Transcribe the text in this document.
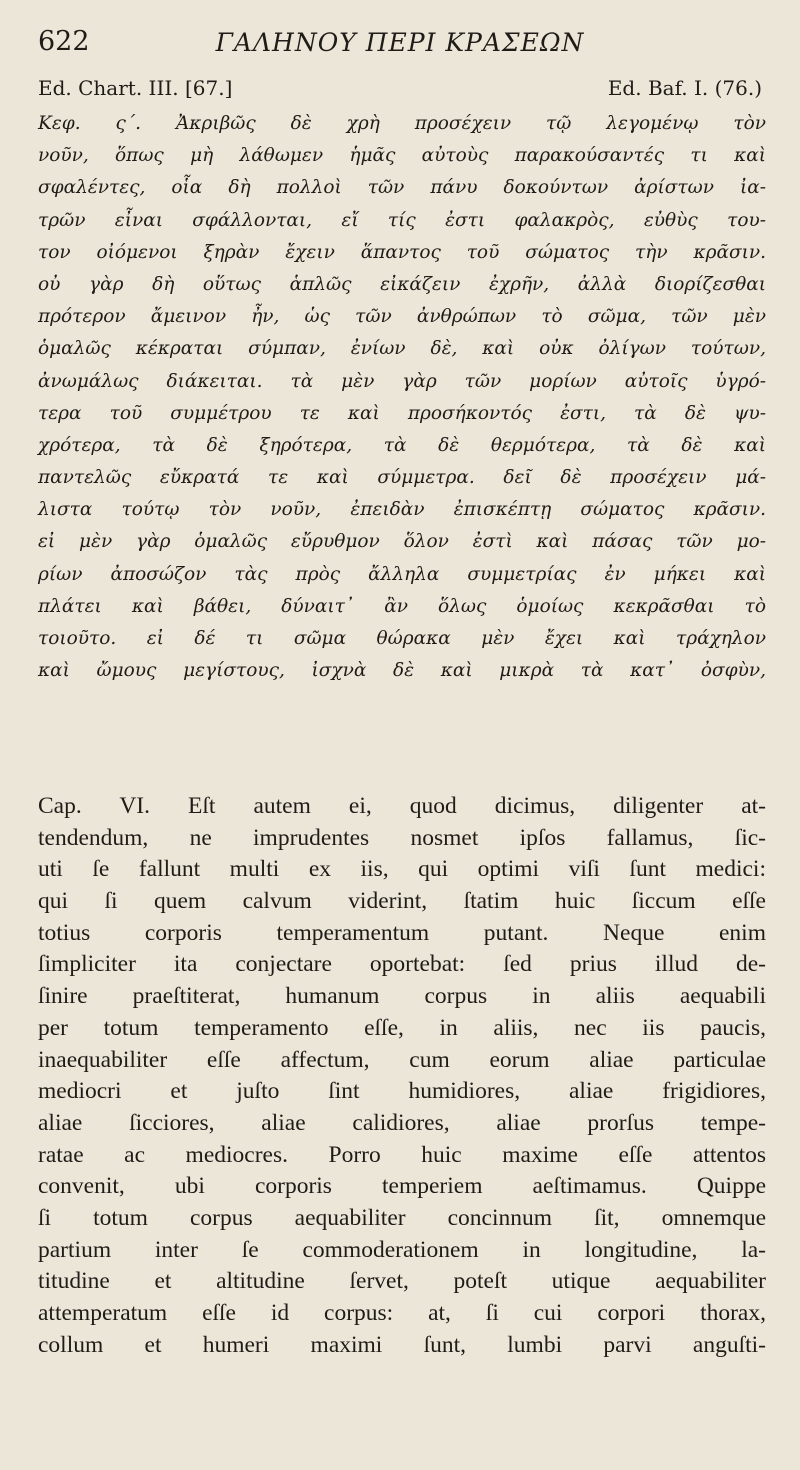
622	ΓΑΛΗΝΟΥ ΠΕΡΙ ΚΡΑΣΕΩΝ
Ed. Chart. III. [67.]	Ed. Baf. I. (76.)
Κεφ. ς΄. Ἀκριβῶς δὲ χρὴ προσέχειν τῷ λεγομένῳ τὸν
νοῦν, ὅπως μὴ λάθωμεν ἡμᾶς αὐτοὺς παρακούσαντές τι καὶ
σφαλέντες, οἷα δὴ πολλοὶ τῶν πάνυ δοκούντων ἀρίστων ἰα-
τρῶν εἶναι σφάλλονται, εἴ τίς ἐστι φαλακρὸς, εὐθὺς του-
τον οἰόμενοι ξηρὰν ἔχειν ἅπαντος τοῦ σώματος τὴν κρᾶσιν.
οὐ γὰρ δὴ οὕτως ἁπλῶς εἰκάζειν ἐχρῆν, ἀλλὰ διορίζεσθαι
πρότερον ἄμεινον ἦν, ὡς τῶν ἀνθρώπων τὸ σῶμα, τῶν μὲν
ὁμαλῶς κέκραται σύμπαν, ἐνίων δὲ, καὶ οὐκ ὀλίγων τούτων,
ἀνωμάλως διάκειται. τὰ μὲν γὰρ τῶν μορίων αὐτοῖς ὑγρό-
τερα τοῦ συμμέτρου τε καὶ προσήκοντός ἐστι, τὰ δὲ ψυ-
χρότερα, τὰ δὲ ξηρότερα, τὰ δὲ θερμότερα, τὰ δὲ καὶ
παντελῶς εὔκρατά τε καὶ σύμμετρα. δεῖ δὲ προσέχειν μά-
λιστα τούτῳ τὸν νοῦν, ἐπειδὰν ἐπισκέπτῃ σώματος κρᾶσιν.
εἰ μὲν γὰρ ὁμαλῶς εὔρυθμον ὅλον ἐστὶ καὶ πάσας τῶν μο-
ρίων ἀποσώζον τὰς πρὸς ἄλληλα συμμετρίας ἐν μήκει καὶ
πλάτει καὶ βάθει, δύναιτ᾽ ἂν ὅλως ὁμοίως κεκρᾶσθαι τὸ
τοιοῦτο. εἰ δέ τι σῶμα θώρακα μὲν ἔχει καὶ τράχηλον
καὶ ὤμους μεγίστους, ἰσχνὰ δὲ καὶ μικρὰ τὰ κατ᾽ ὀσφὺν,
Cap. VI. Eſt autem ei, quod dicimus, diligenter at-
tendendum, ne imprudentes nosmet ipſos fallamus, ſic-
uti ſe fallunt multi ex iis, qui optimi viſi ſunt medici:
qui ſi quem calvum viderint, ſtatim huic ſiccum eſſe
totius corporis temperamentum putant. Neque enim
ſimpliciter ita conjectare oportebat: ſed prius illud de-
ſinire praeſtiterat, humanum corpus in aliis aequabili
per totum temperamento eſſe, in aliis, nec iis paucis,
inaequabiliter eſſe affectum, cum eorum aliae particulae
mediocri et juſto ſint humidiores, aliae frigidiores,
aliae ſicciores, aliae calidiores, aliae prorſus tempe-
ratae ac mediocres. Porro huic maxime eſſe attentos
convenit, ubi corporis temperiem aeſtimamus. Quippe
ſi totum corpus aequabiliter concinnum ſit, omnemque
partium inter ſe commoderationem in longitudine, la-
titudine et altitudine ſervet, poteſt utique aequabiliter
attemperatum eſſe id corpus: at, ſi cui corpori thorax,
collum et humeri maximi ſunt, lumbi parvi anguſti-
